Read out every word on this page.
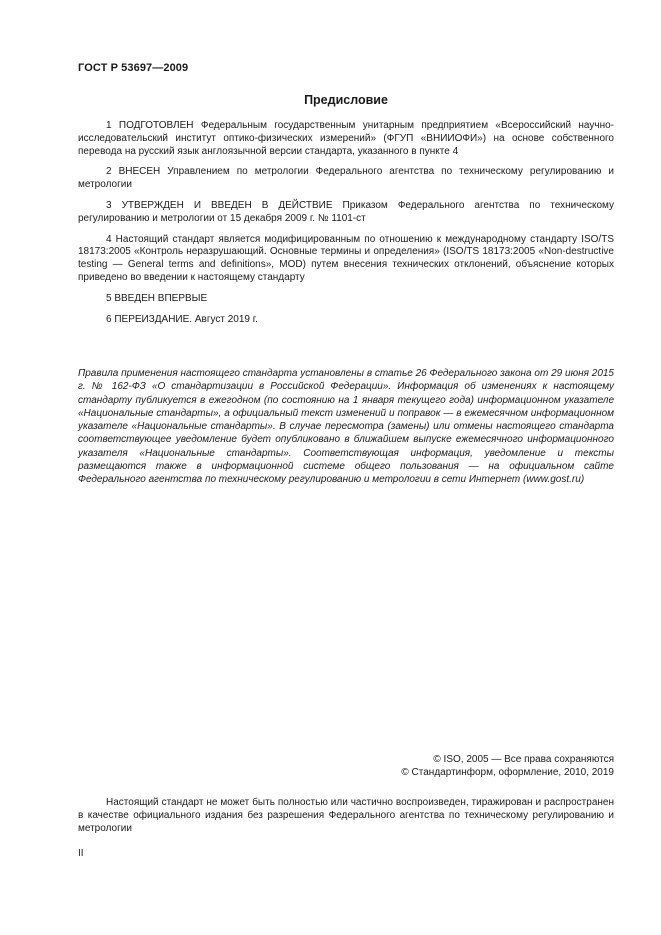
ГОСТ Р 53697—2009
Предисловие

1 ПОДГОТОВЛЕН Федеральным государственным унитарным предприятием «Всероссийский научно-исследовательский институт оптико-физических измерений» (ФГУП «ВНИИОФИ») на основе собственного перевода на русский язык англоязычной версии стандарта, указанного в пункте 4

2 ВНЕСЕН Управлением по метрологии Федерального агентства по техническому регулированию и метрологии

3 УТВЕРЖДЕН И ВВЕДЕН В ДЕЙСТВИЕ Приказом Федерального агентства по техническому регулированию и метрологии от 15 декабря 2009 г. № 1101-ст

4 Настоящий стандарт является модифицированным по отношению к международному стандарту ISO/TS 18173:2005 «Контроль неразрушающий. Основные термины и определения» (ISO/TS 18173:2005 «Non-destructive testing — General terms and definitions», MOD) путем внесения технических отклонений, объяснение которых приведено во введении к настоящему стандарту

5 ВВЕДЕН ВПЕРВЫЕ

6 ПЕРЕИЗДАНИЕ. Август 2019 г.

Правила применения настоящего стандарта установлены в статье 26 Федерального закона от 29 июня 2015 г. № 162-ФЗ «О стандартизации в Российской Федерации». Информация об изменениях к настоящему стандарту публикуется в ежегодном (по состоянию на 1 января текущего года) информационном указателе «Национальные стандарты», а официальный текст изменений и поправок — в ежемесячном информационном указателе «Национальные стандарты». В случае пересмотра (замены) или отмены настоящего стандарта соответствующее уведомление будет опубликовано в ближайшем выпуске ежемесячного информационного указателя «Национальные стандарты». Соответствующая информация, уведомление и тексты размещаются также в информационной системе общего пользования — на официальном сайте Федерального агентства по техническому регулированию и метрологии в сети Интернет (www.gost.ru)
© ISO, 2005 — Все права сохраняются
© Стандартинформ, оформление, 2010, 2019
Настоящий стандарт не может быть полностью или частично воспроизведен, тиражирован и распространен в качестве официального издания без разрешения Федерального агентства по техническому регулированию и метрологии
II
